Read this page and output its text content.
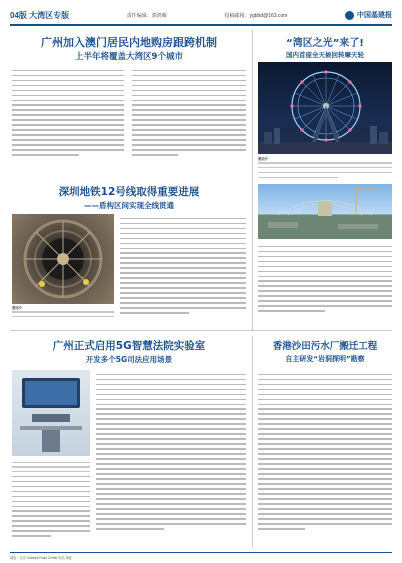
04版 大湾区专版	责任编辑：郭鸿雁	投稿邮箱：ygbbd@163.com	中国基建报
广州加入澳门居民内地购房跟跨机制
上半年将覆盖大湾区9个城市
“湾区之光”来了!
国内首座全天候回转摩天轮
黄泊沙
深圳地铁12号线取得重要进展
——盾构区间实现全线贯通
黄泊沙
广州正式启用5G智慧法院实验室
开发多个5G司法应用场景
香港沙田污水厂搬迁工程
自主研发“岩洞探明”勘察
地址：北京 Chinese Road Center 电话 地址
